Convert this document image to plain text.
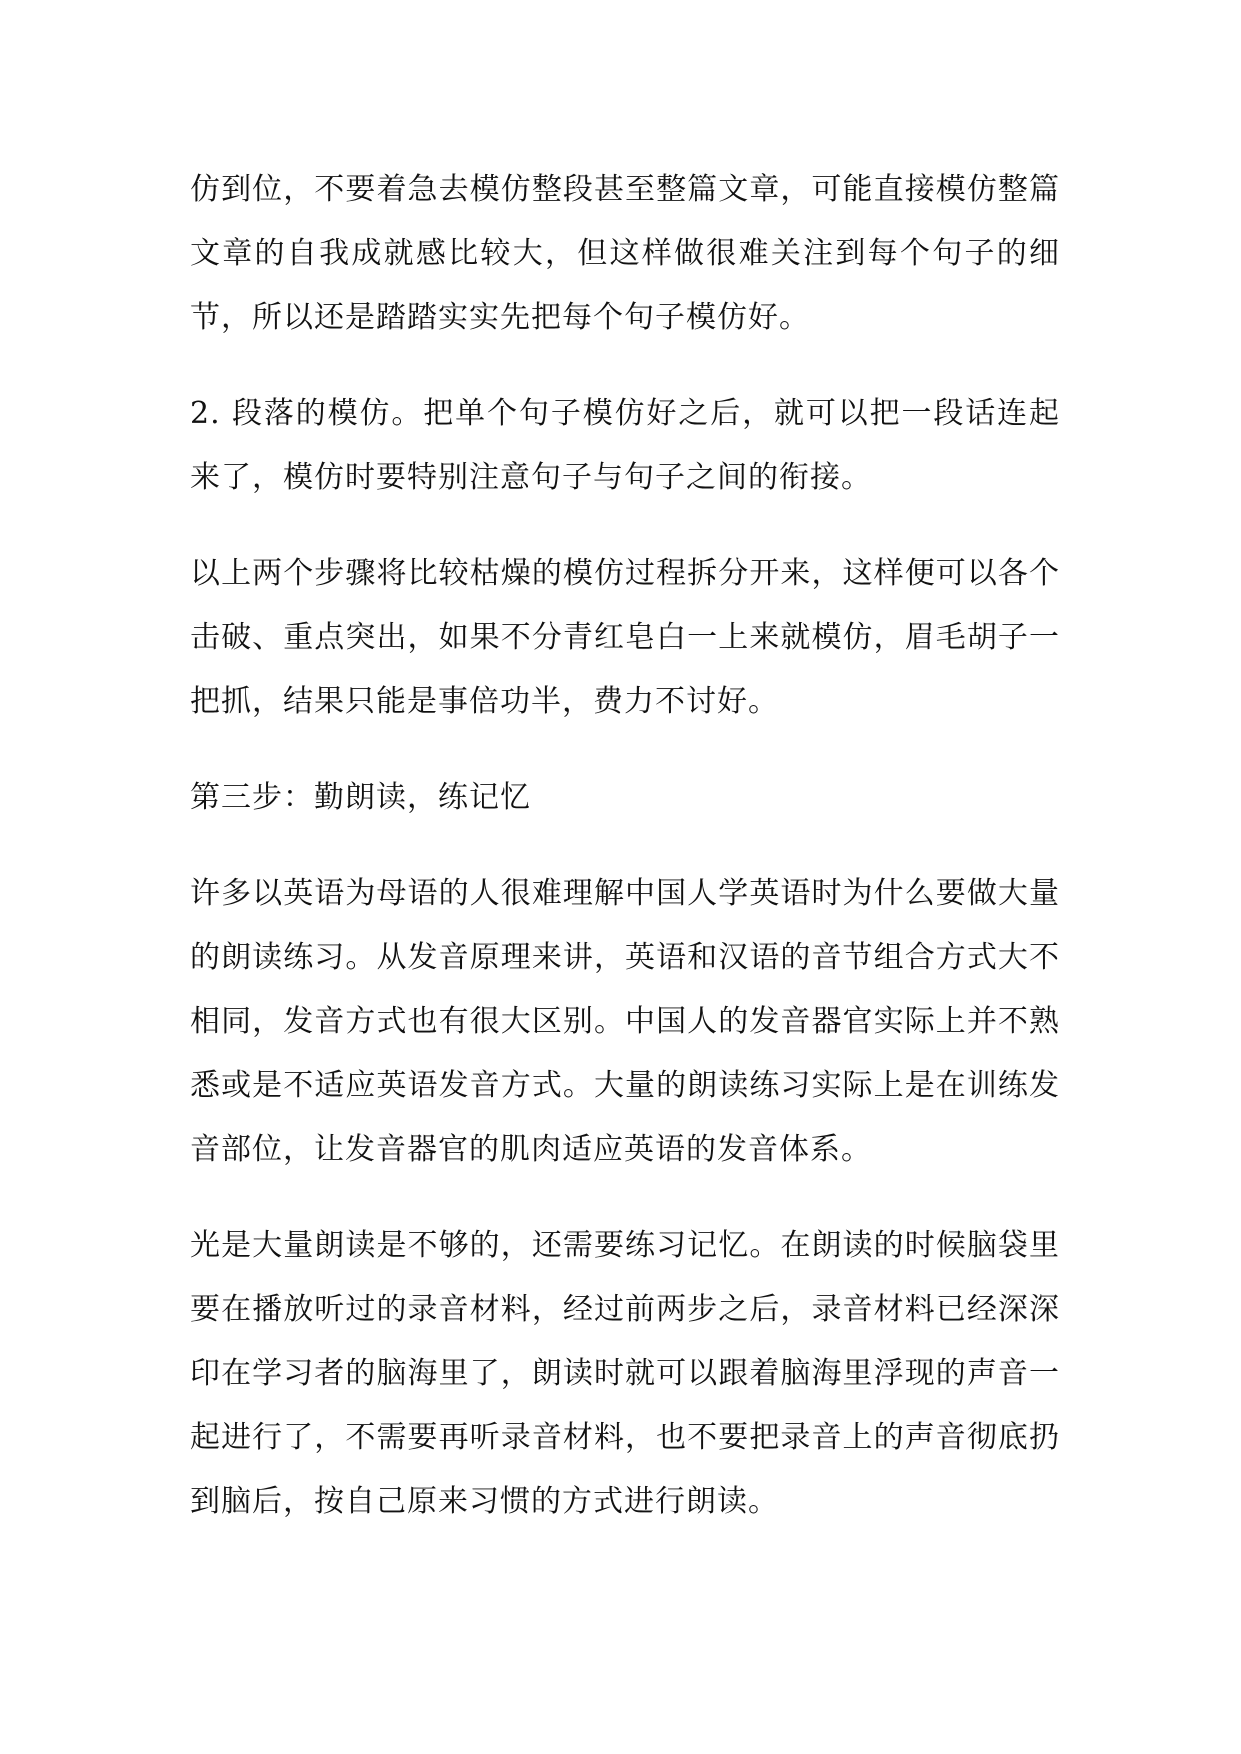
仿到位，不要着急去模仿整段甚至整篇文章，可能直接模仿整篇文章的自我成就感比较大，但这样做很难关注到每个句子的细节，所以还是踏踏实实先把每个句子模仿好。

2. 段落的模仿。把单个句子模仿好之后，就可以把一段话连起来了，模仿时要特别注意句子与句子之间的衔接。

以上两个步骤将比较枯燥的模仿过程拆分开来，这样便可以各个击破、重点突出，如果不分青红皂白一上来就模仿，眉毛胡子一把抓，结果只能是事倍功半，费力不讨好。

第三步：勤朗读，练记忆

许多以英语为母语的人很难理解中国人学英语时为什么要做大量的朗读练习。从发音原理来讲，英语和汉语的音节组合方式大不相同，发音方式也有很大区别。中国人的发音器官实际上并不熟悉或是不适应英语发音方式。大量的朗读练习实际上是在训练发音部位，让发音器官的肌肉适应英语的发音体系。

光是大量朗读是不够的，还需要练习记忆。在朗读的时候脑袋里要在播放听过的录音材料，经过前两步之后，录音材料已经深深印在学习者的脑海里了，朗读时就可以跟着脑海里浮现的声音一起进行了，不需要再听录音材料，也不要把录音上的声音彻底扔到脑后，按自己原来习惯的方式进行朗读。
